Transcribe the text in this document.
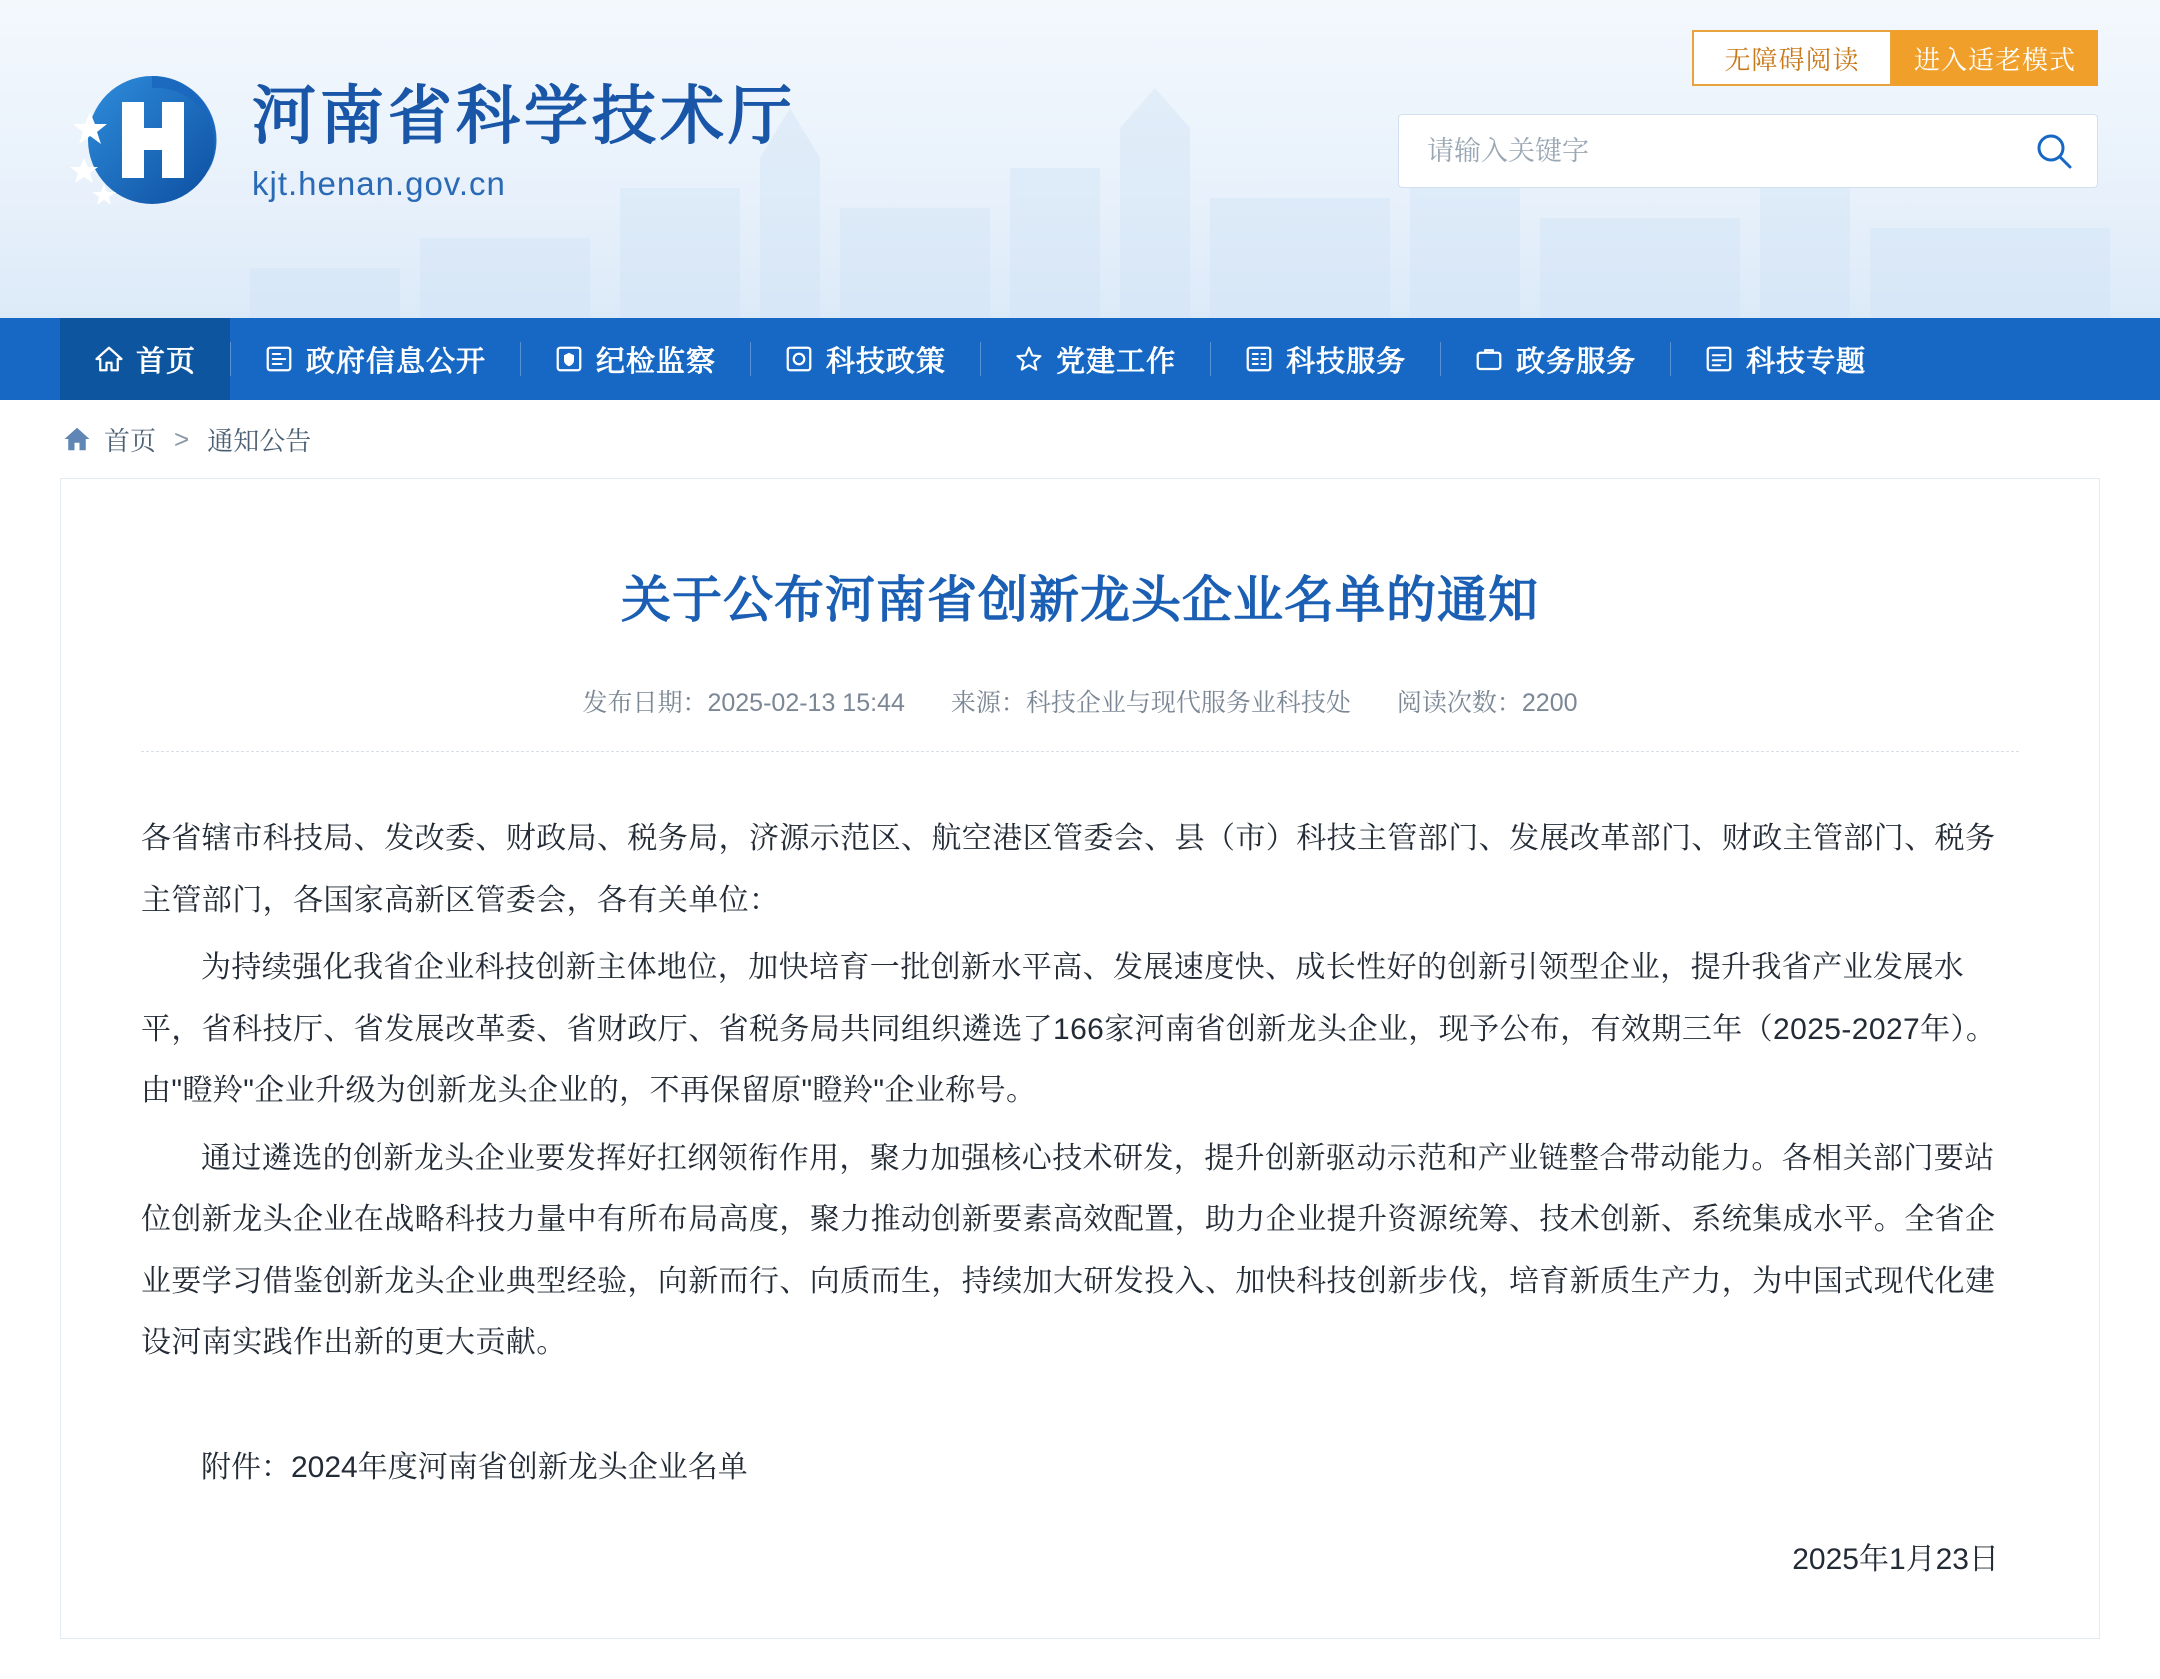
河南省科学技术厅
kjt.henan.gov.cn
无障碍阅读	进入适老模式
请输入关键字
首页	政府信息公开	纪检监察	科技政策	党建工作	科技服务	政务服务	科技专题
首页 > 通知公告
关于公布河南省创新龙头企业名单的通知
发布日期：2025-02-13 15:44 来源：科技企业与现代服务业科技处 阅读次数：2200

各省辖市科技局、发改委、财政局、税务局，济源示范区、航空港区管委会、县（市）科技主管部门、发展改革部门、财政主管部门、税务主管部门，各国家高新区管委会，各有关单位：

为持续强化我省企业科技创新主体地位，加快培育一批创新水平高、发展速度快、成长性好的创新引领型企业，提升我省产业发展水平，省科技厅、省发展改革委、省财政厅、省税务局共同组织遴选了166家河南省创新龙头企业，现予公布，有效期三年（2025-2027年）。由"瞪羚"企业升级为创新龙头企业的，不再保留原"瞪羚"企业称号。

通过遴选的创新龙头企业要发挥好扛纲领衔作用，聚力加强核心技术研发，提升创新驱动示范和产业链整合带动能力。各相关部门要站位创新龙头企业在战略科技力量中有所布局高度，聚力推动创新要素高效配置，助力企业提升资源统筹、技术创新、系统集成水平。全省企业要学习借鉴创新龙头企业典型经验，向新而行、向质而生，持续加大研发投入、加快科技创新步伐，培育新质生产力，为中国式现代化建设河南实践作出新的更大贡献。

附件：2024年度河南省创新龙头企业名单
2025年1月23日
